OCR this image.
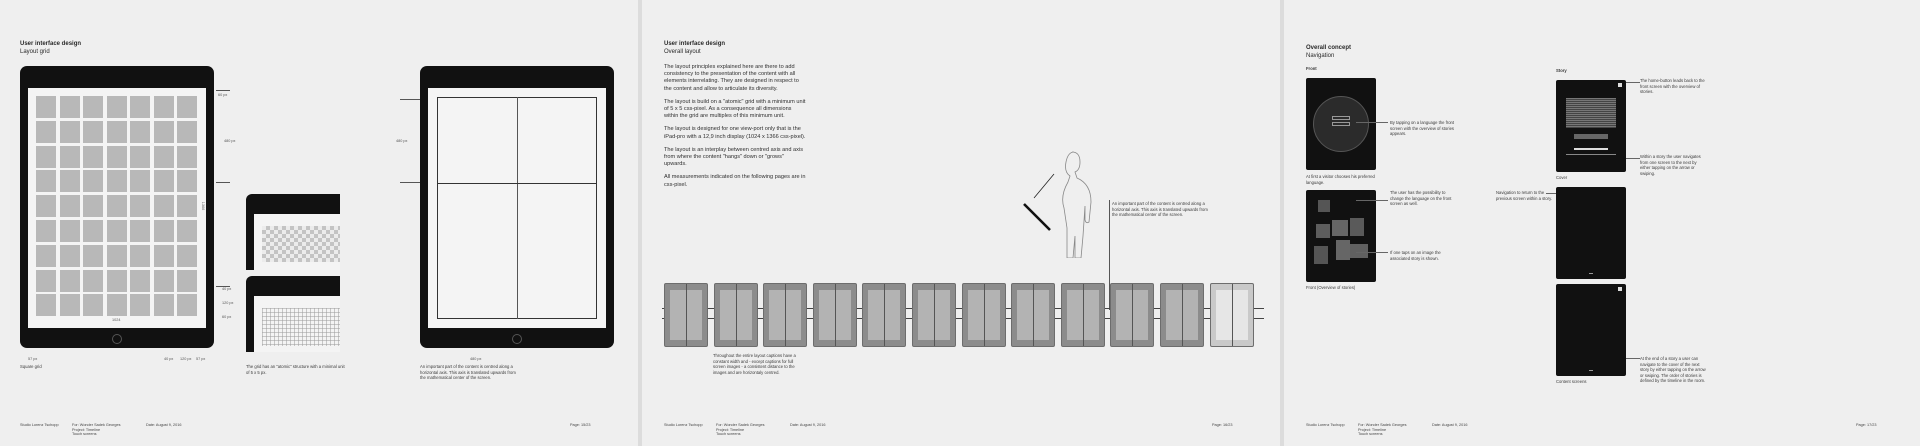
User interface design
Layout grid
1024
60 px
480 px
1366
40 px
120 px
60 px
57 px	40 px 120 px 57 px
Square grid	The grid has an "atomic" structure with a minimal unit of 5 x 5 px.
480 px
480 px
An important part of the content is centred along a horizontal axis. This axis is translated upwards from the mathematical center of the screen.
Studio Lorenz Tschopp	For: Wonder Sadek Georges
Project: Timeline
Touch screens
Date: August 9, 2016	Page: 15/23
User interface design
Overall layout

The layout principles explained here are there to add consistency to the presentation of the content with all elements interrelating. They are designed in respect to the content and allow to articulate its diversity.

The layout is build on a "atomic" grid with a minimum unit of 5 x 5 css-pixel. As a consequence all dimensions within the grid are multiples of this minimum unit.

The layout is designed for one view-port only that is the iPad-pro with a 12,9 inch display (1024 x 1366 css-pixel).

The layout is an interplay between centred axis and axis from where the content "hangs" down or "grows" upwards.

All measurements indicated on the following pages are in css-pixel.

An important part of the content is centred along a horizontal axis. This axis is translated upwards from the mathematical center of the screen.
Throughout the entire layout captions have a constant width and - except captions for full screen images - a consistent distance to the images and are horizontaly centred.
Studio Lorenz Tschopp	For: Wonder Sadek Georges
Project: Timeline
Touch screens
Date: August 9, 2016	Page: 16/23
Overall concept
Navigation
Front
By tapping on a language the front screen with the overview of stories appears.
At first a visitor chooses his preferred language.
The user has the possibility to change the language on the front screen as well.
If one taps on an image the associated story is shown.
Front (Overview of stories)
Navigation to return to the previous screen within a story.
Story
The home-button leads back to the front screen with the overview of stories.
Within a story the user navigates from one screen to the next by either tapping on the arrow or swiping.
Cover
Content screens
At the end of a story a user can navigate to the cover of the next story by either tapping on the arrow or swiping. The order of stories is defined by the timeline in the room.
Studio Lorenz Tschopp	For: Wonder Sadek Georges
Project: Timeline
Touch screens
Date: August 9, 2016	Page: 17/23
